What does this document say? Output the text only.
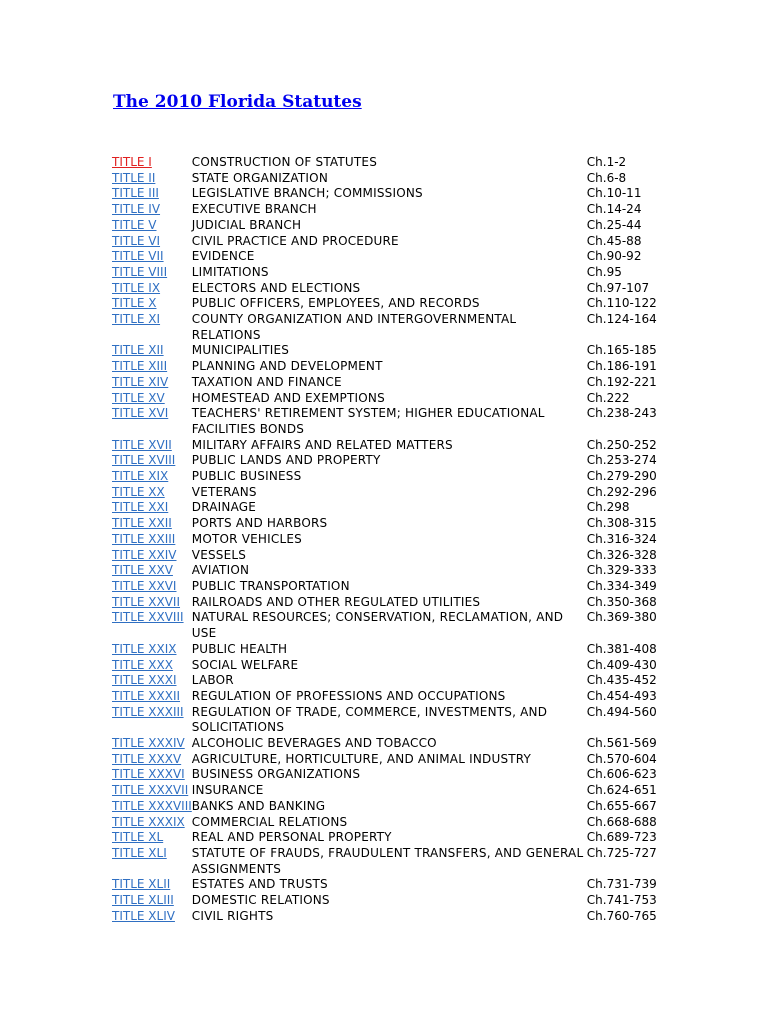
The 2010 Florida Statutes
TITLE I	CONSTRUCTION OF STATUTES	Ch.1-2
TITLE II	STATE ORGANIZATION	Ch.6-8
TITLE III	LEGISLATIVE BRANCH; COMMISSIONS	Ch.10-11
TITLE IV	EXECUTIVE BRANCH	Ch.14-24
TITLE V	JUDICIAL BRANCH	Ch.25-44
TITLE VI	CIVIL PRACTICE AND PROCEDURE	Ch.45-88
TITLE VII	EVIDENCE	Ch.90-92
TITLE VIII	LIMITATIONS	Ch.95
TITLE IX	ELECTORS AND ELECTIONS	Ch.97-107
TITLE X	PUBLIC OFFICERS, EMPLOYEES, AND RECORDS	Ch.110-122
TITLE XI	COUNTY ORGANIZATION AND INTERGOVERNMENTAL RELATIONS	Ch.124-164
TITLE XII	MUNICIPALITIES	Ch.165-185
TITLE XIII	PLANNING AND DEVELOPMENT	Ch.186-191
TITLE XIV	TAXATION AND FINANCE	Ch.192-221
TITLE XV	HOMESTEAD AND EXEMPTIONS	Ch.222
TITLE XVI	TEACHERS' RETIREMENT SYSTEM; HIGHER EDUCATIONAL FACILITIES BONDS	Ch.238-243
TITLE XVII	MILITARY AFFAIRS AND RELATED MATTERS	Ch.250-252
TITLE XVIII	PUBLIC LANDS AND PROPERTY	Ch.253-274
TITLE XIX	PUBLIC BUSINESS	Ch.279-290
TITLE XX	VETERANS	Ch.292-296
TITLE XXI	DRAINAGE	Ch.298
TITLE XXII	PORTS AND HARBORS	Ch.308-315
TITLE XXIII	MOTOR VEHICLES	Ch.316-324
TITLE XXIV	VESSELS	Ch.326-328
TITLE XXV	AVIATION	Ch.329-333
TITLE XXVI	PUBLIC TRANSPORTATION	Ch.334-349
TITLE XXVII	RAILROADS AND OTHER REGULATED UTILITIES	Ch.350-368
TITLE XXVIII	NATURAL RESOURCES; CONSERVATION, RECLAMATION, AND USE	Ch.369-380
TITLE XXIX	PUBLIC HEALTH	Ch.381-408
TITLE XXX	SOCIAL WELFARE	Ch.409-430
TITLE XXXI	LABOR	Ch.435-452
TITLE XXXII	REGULATION OF PROFESSIONS AND OCCUPATIONS	Ch.454-493
TITLE XXXIII	REGULATION OF TRADE, COMMERCE, INVESTMENTS, AND SOLICITATIONS	Ch.494-560
TITLE XXXIV	ALCOHOLIC BEVERAGES AND TOBACCO	Ch.561-569
TITLE XXXV	AGRICULTURE, HORTICULTURE, AND ANIMAL INDUSTRY	Ch.570-604
TITLE XXXVI	BUSINESS ORGANIZATIONS	Ch.606-623
TITLE XXXVII	INSURANCE	Ch.624-651
TITLE XXXVIII	BANKS AND BANKING	Ch.655-667
TITLE XXXIX	COMMERCIAL RELATIONS	Ch.668-688
TITLE XL	REAL AND PERSONAL PROPERTY	Ch.689-723
TITLE XLI	STATUTE OF FRAUDS, FRAUDULENT TRANSFERS, AND GENERAL ASSIGNMENTS	Ch.725-727
TITLE XLII	ESTATES AND TRUSTS	Ch.731-739
TITLE XLIII	DOMESTIC RELATIONS	Ch.741-753
TITLE XLIV	CIVIL RIGHTS	Ch.760-765
